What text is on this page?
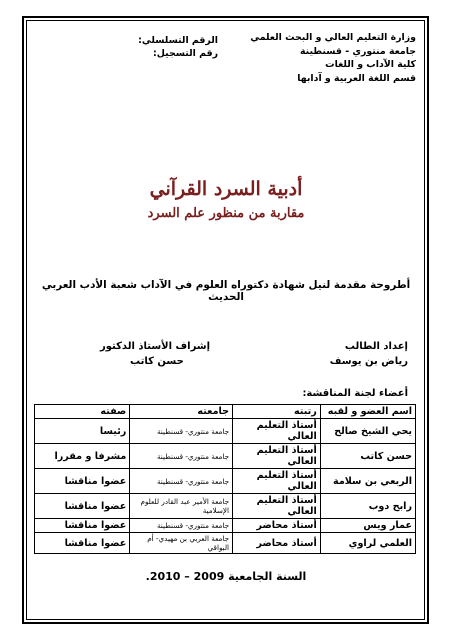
وزارة التعليم العالي و البحث العلمي
جامعة منتوري - قسنطينة
كلية الآداب و اللغات
قسم اللغة العربية و آدابها
الرقم التسلسلي:
رقم التسجيل:
أدبية السرد القرآني
مقاربة من منظور علم السرد
أطروحة مقدمة لنيل شهادة دكتوراه العلوم في الآداب شعبة الأدب العربي الحديث
إعداد الطالب
رياض بن يوسف
إشراف الأستاذ الدكتور
حسن كاتب
أعضاء لجنة المناقشة:
اسم العضو و لقبه	رتبته	جامعته	صفته
يحي الشيخ صالح	أستاذ التعليم العالي	جامعة منتوري- قسنطينة	رئيسا
حسن كاتب	أستاذ التعليم العالي	جامعة منتوري- قسنطينة	مشرفا و مقررا
الربعي بن سلامة	أستاذ التعليم العالي	جامعة منتوري- قسنطينة	عضوا مناقشا
رابح دوب	أستاذ التعليم العالي	جامعة الأمير عبد القادر للعلوم الإسلامية	عضوا مناقشا
عمار ويس	أستاذ محاضر	جامعة منتوري- قسنطينة	عضوا مناقشا
العلمي لراوي	أستاذ محاضر	جامعة العربي بن مهيدي- أم البواقي	عضوا مناقشا
السنة الجامعية 2009 – 2010.
